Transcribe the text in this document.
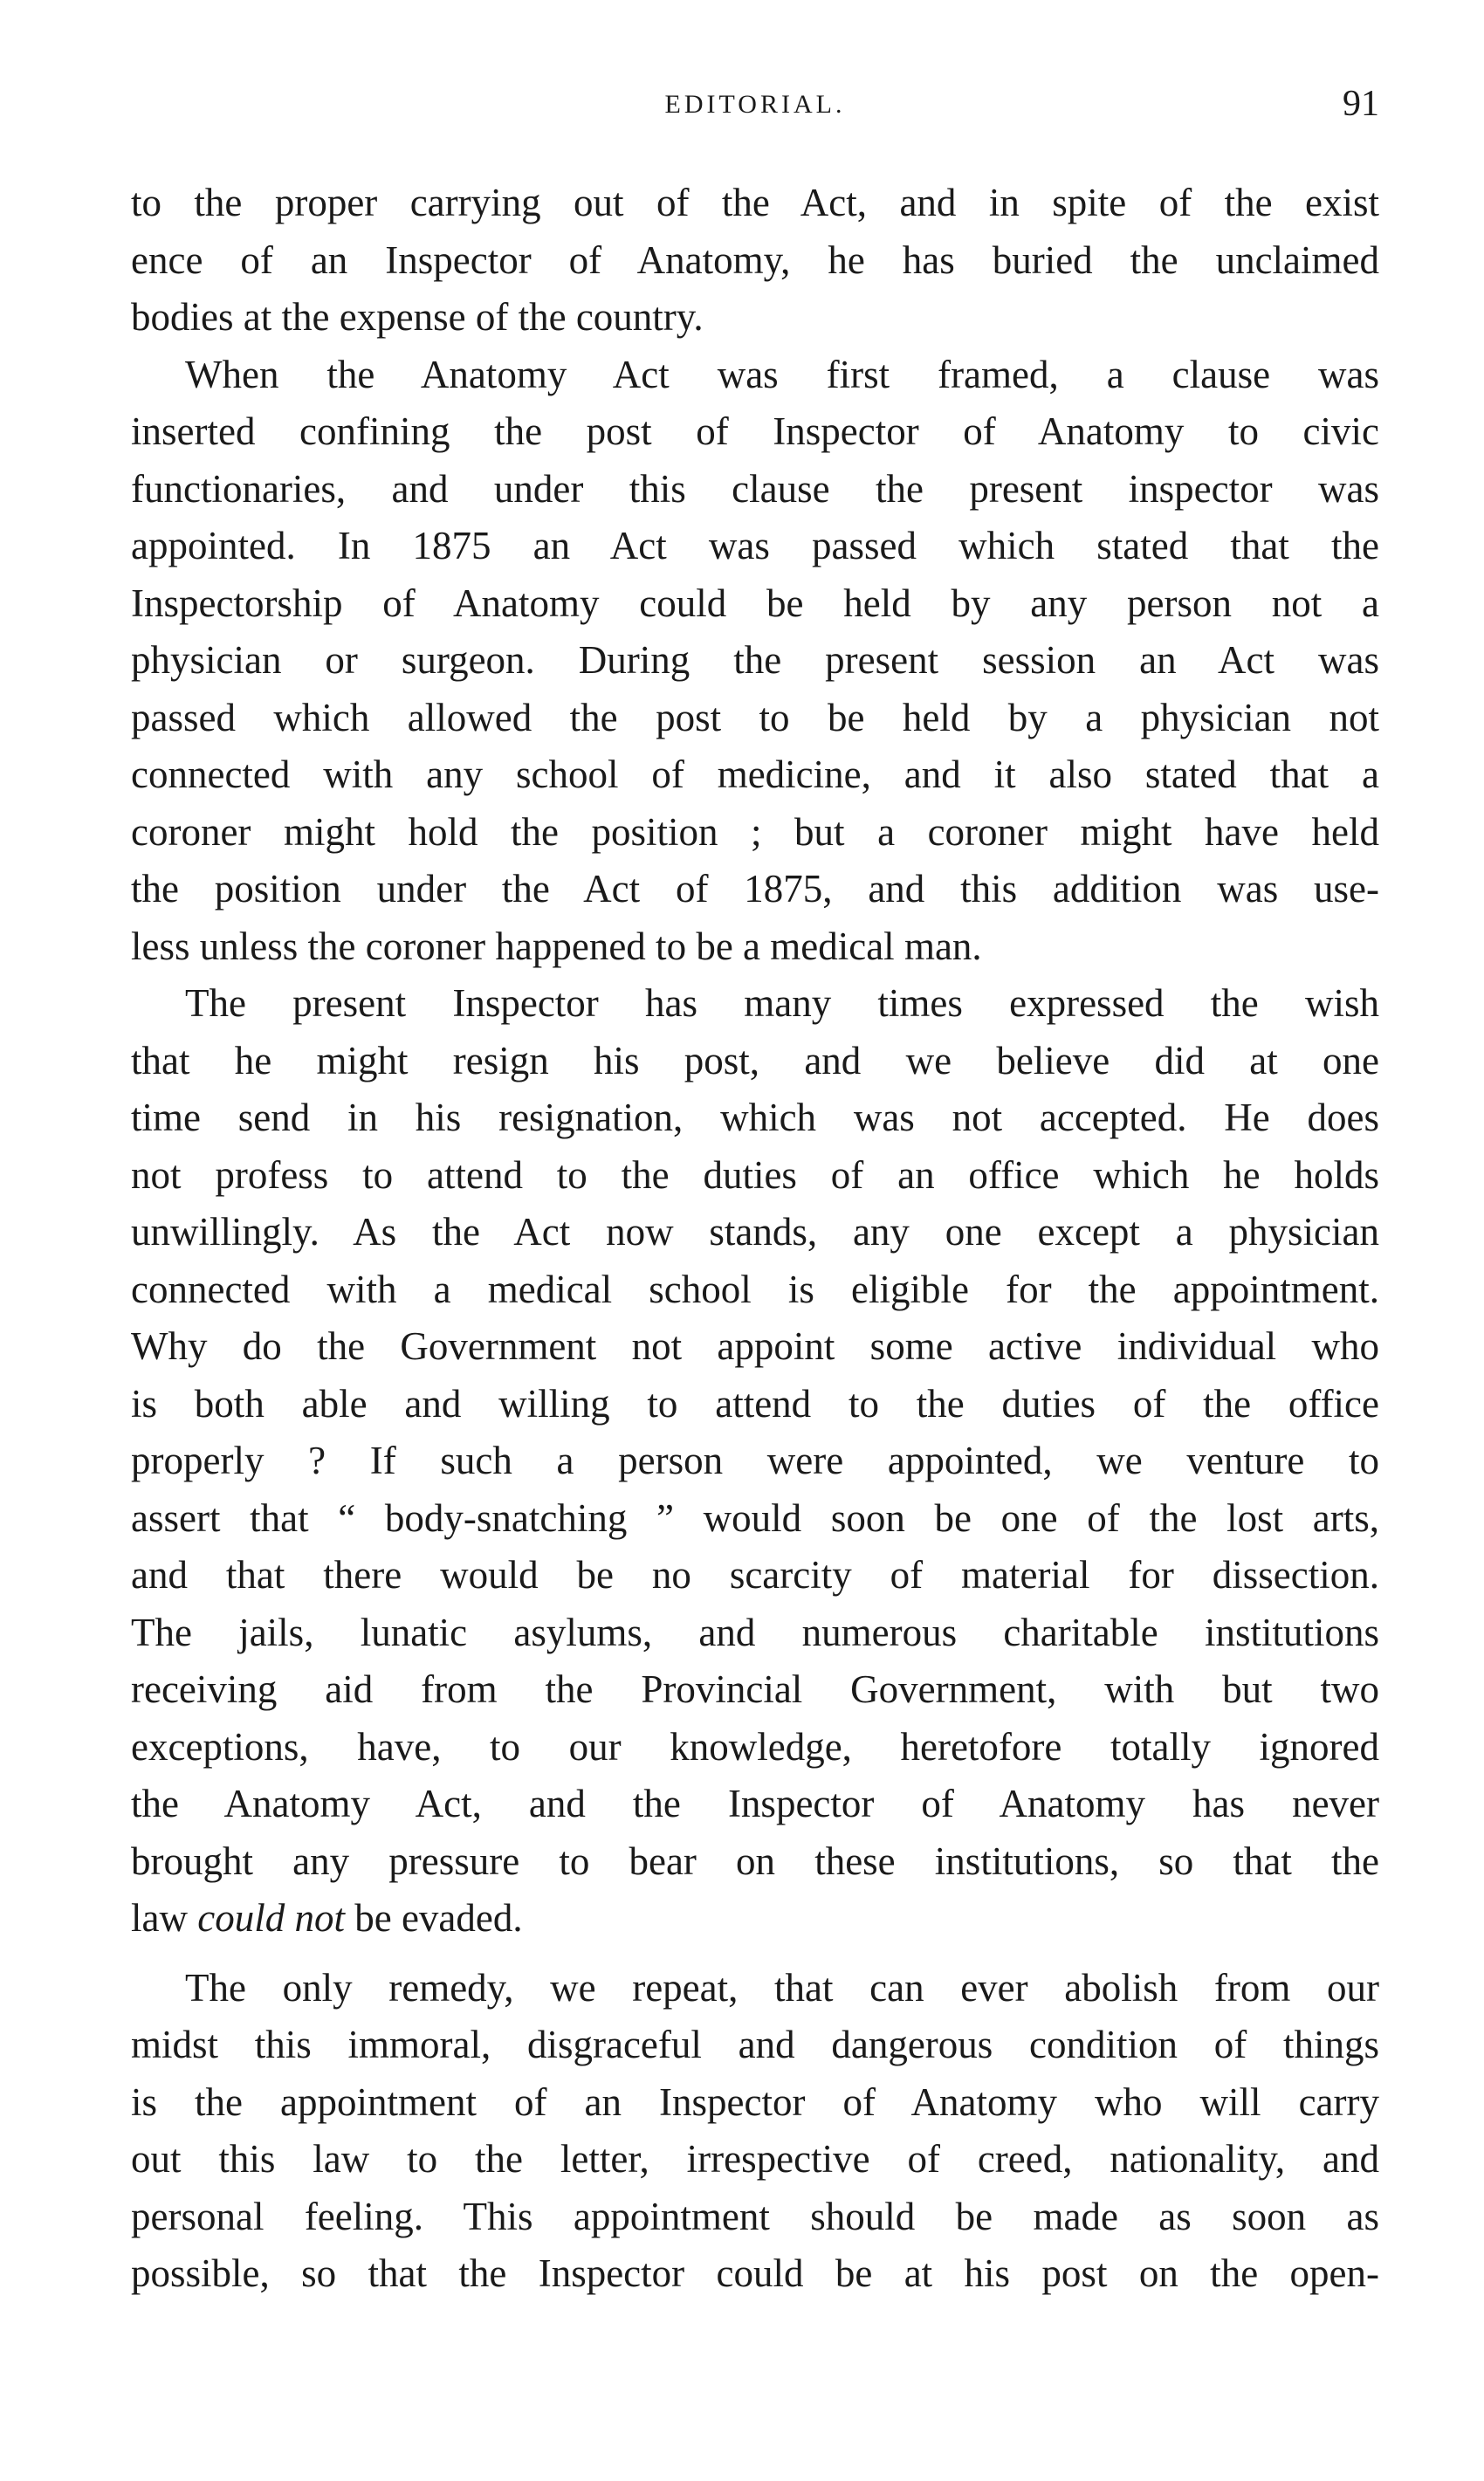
EDITORIAL.	91
to the proper carrying out of the Act, and in spite of the exist
ence of an Inspector of Anatomy, he has buried the unclaimed
bodies at the expense of the country.
When the Anatomy Act was first framed, a clause was
inserted confining the post of Inspector of Anatomy to civic
functionaries, and under this clause the present inspector was
appointed. In 1875 an Act was passed which stated that the
Inspectorship of Anatomy could be held by any person not a
physician or surgeon. During the present session an Act was
passed which allowed the post to be held by a physician not
connected with any school of medicine, and it also stated that a
coroner might hold the position ; but a coroner might have held
the position under the Act of 1875, and this addition was use-
less unless the coroner happened to be a medical man.
The present Inspector has many times expressed the wish
that he might resign his post, and we believe did at one
time send in his resignation, which was not accepted. He does
not profess to attend to the duties of an office which he holds
unwillingly. As the Act now stands, any one except a physician
connected with a medical school is eligible for the appointment.
Why do the Government not appoint some active individual who
is both able and willing to attend to the duties of the office
properly ? If such a person were appointed, we venture to
assert that “ body-snatching ” would soon be one of the lost arts,
and that there would be no scarcity of material for dissection.
The jails, lunatic asylums, and numerous charitable institutions
receiving aid from the Provincial Government, with but two
exceptions, have, to our knowledge, heretofore totally ignored
the Anatomy Act, and the Inspector of Anatomy has never
brought any pressure to bear on these institutions, so that the
law could not be evaded.
The only remedy, we repeat, that can ever abolish from our
midst this immoral, disgraceful and dangerous condition of things
is the appointment of an Inspector of Anatomy who will carry
out this law to the letter, irrespective of creed, nationality, and
personal feeling. This appointment should be made as soon as
possible, so that the Inspector could be at his post on the open-
